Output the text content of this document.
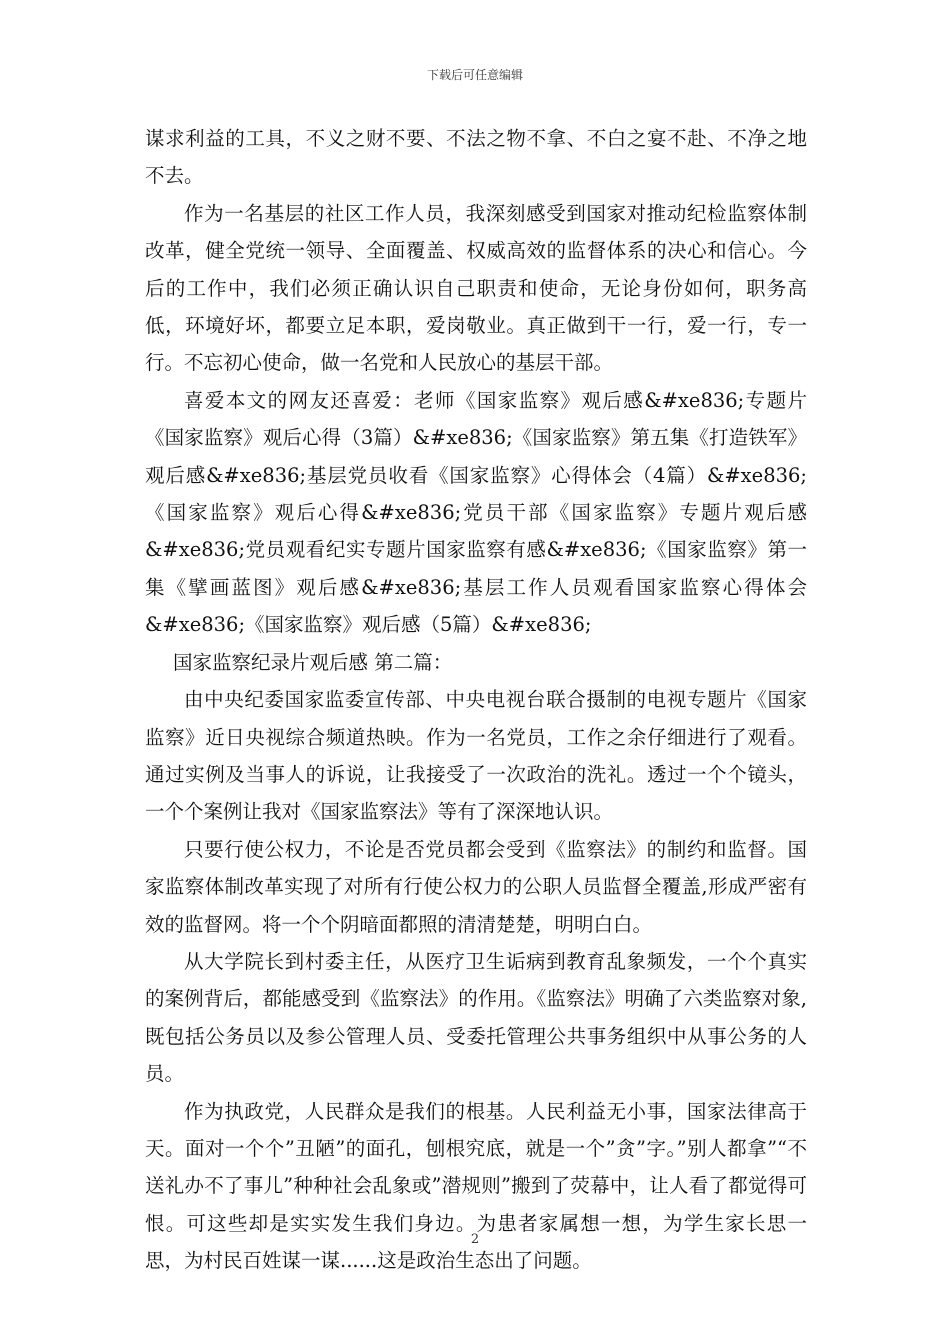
下载后可任意编辑

谋求利益的工具，不义之财不要、不法之物不拿、不白之宴不赴、不净之地不去。

作为一名基层的社区工作人员，我深刻感受到国家对推动纪检监察体制改革，健全党统一领导、全面覆盖、权威高效的监督体系的决心和信心。今后的工作中，我们必须正确认识自己职责和使命，无论身份如何，职务高低，环境好坏，都要立足本职，爱岗敬业。真正做到干一行，爱一行，专一行。不忘初心使命，做一名党和人民放心的基层干部。

喜爱本文的网友还喜爱：老师《国家监察》观后感&#xe836;专题片《国家监察》观后心得（3篇）&#xe836;《国家监察》第五集《打造铁军》观后感&#xe836;基层党员收看《国家监察》心得体会（4篇）&#xe836;《国家监察》观后心得&#xe836;党员干部《国家监察》专题片观后感&#xe836;党员观看纪实专题片国家监察有感&#xe836;《国家监察》第一集《擘画蓝图》观后感&#xe836;基层工作人员观看国家监察心得体会&#xe836;《国家监察》观后感（5篇）&#xe836;

国家监察纪录片观后感 第二篇：

由中央纪委国家监委宣传部、中央电视台联合摄制的电视专题片《国家监察》近日央视综合频道热映。作为一名党员，工作之余仔细进行了观看。通过实例及当事人的诉说，让我接受了一次政治的洗礼。透过一个个镜头，一个个案例让我对《国家监察法》等有了深深地认识。

只要行使公权力，不论是否党员都会受到《监察法》的制约和监督。国家监察体制改革实现了对所有行使公权力的公职人员监督全覆盖,形成严密有效的监督网。将一个个阴暗面都照的清清楚楚，明明白白。

从大学院长到村委主任，从医疗卫生诟病到教育乱象频发，一个个真实的案例背后，都能感受到《监察法》的作用。《监察法》明确了六类监察对象,既包括公务员以及参公管理人员、受委托管理公共事务组织中从事公务的人员。

作为执政党，人民群众是我们的根基。人民利益无小事，国家法律高于天。面对一个个”丑陋”的面孔，刨根究底，就是一个”贪”字。”别人都拿”“不送礼办不了事儿”种种社会乱象或”潜规则”搬到了荧幕中，让人看了都觉得可恨。可这些却是实实发生我们身边。为患者家属想一想，为学生家长思一思，为村民百姓谋一谋......这是政治生态出了问题。

2
